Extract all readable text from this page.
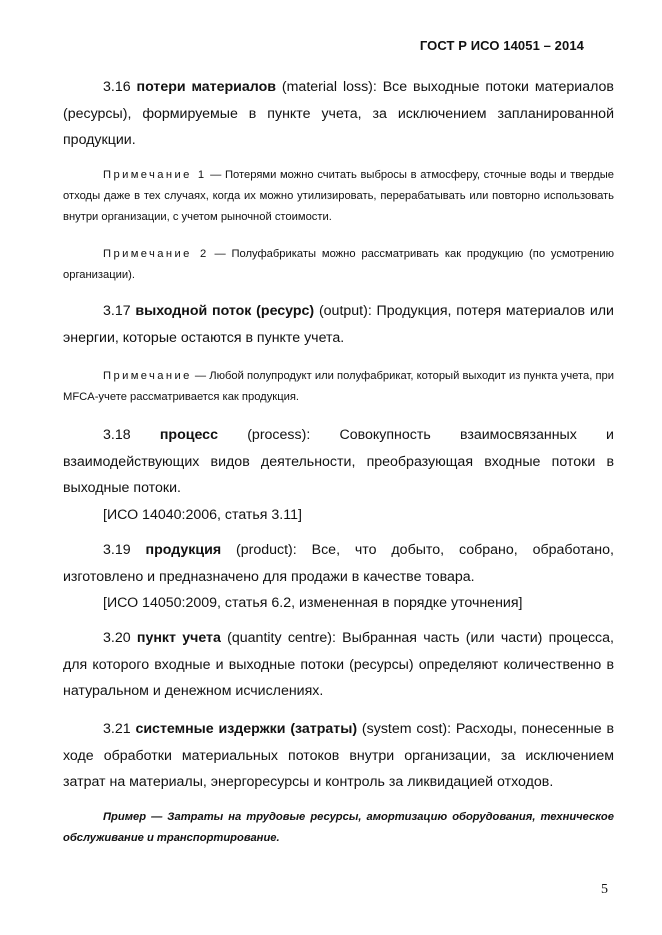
ГОСТ Р ИСО 14051 – 2014

3.16 потери материалов (material loss): Все выходные потоки материалов (ресурсы), формируемые в пункте учета, за исключением запланированной продукции.

Примечание 1 — Потерями можно считать выбросы в атмосферу, сточные воды и твердые отходы даже в тех случаях, когда их можно утилизировать, перерабатывать или повторно использовать внутри организации, с учетом рыночной стоимости.

Примечание 2 — Полуфабрикаты можно рассматривать как продукцию (по усмотрению организации).

3.17 выходной поток (ресурс) (output): Продукция, потеря материалов или энергии, которые остаются в пункте учета.

Примечание — Любой полупродукт или полуфабрикат, который выходит из пункта учета, при MFCA-учете рассматривается как продукция.

3.18 процесс (process): Совокупность взаимосвязанных и взаимодействующих видов деятельности, преобразующая входные потоки в выходные потоки.

[ИСО 14040:2006, статья 3.11]

3.19 продукция (product): Все, что добыто, собрано, обработано, изготовлено и предназначено для продажи в качестве товара.

[ИСО 14050:2009, статья 6.2, измененная в порядке уточнения]

3.20 пункт учета (quantity centre): Выбранная часть (или части) процесса, для которого входные и выходные потоки (ресурсы) определяют количественно в натуральном и денежном исчислениях.

3.21 системные издержки (затраты) (system cost): Расходы, понесенные в ходе обработки материальных потоков внутри организации, за исключением затрат на материалы, энергоресурсы и контроль за ликвидацией отходов.

Пример — Затраты на трудовые ресурсы, амортизацию оборудования, техническое обслуживание и транспортирование.

5
